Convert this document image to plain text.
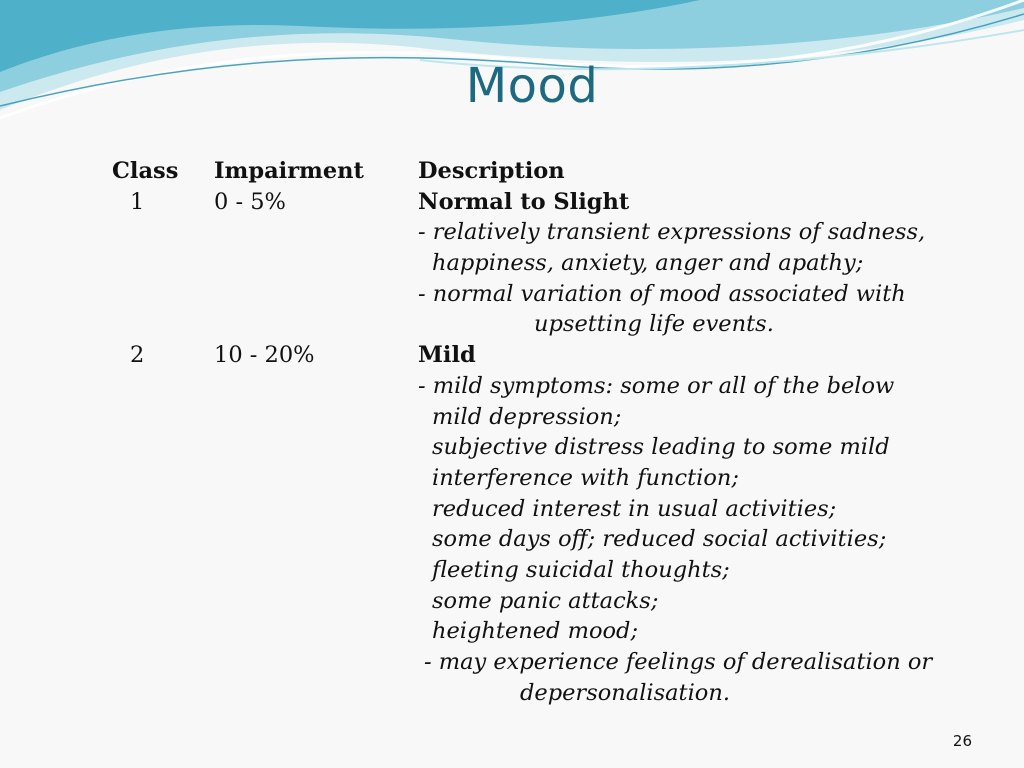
Mood
Class Impairment Description
1	0 - 5%	Normal to Slight
- relatively transient expressions of sadness,
happiness, anxiety, anger and apathy;
- normal variation of mood associated with
upsetting life events.
2	10 - 20%	Mild
- mild symptoms: some or all of the below
mild depression;
subjective distress leading to some mild
interference with function;
reduced interest in usual activities;
some days off; reduced social activities;
fleeting suicidal thoughts;
some panic attacks;
heightened mood;
- may experience feelings of derealisation or
depersonalisation.
26
